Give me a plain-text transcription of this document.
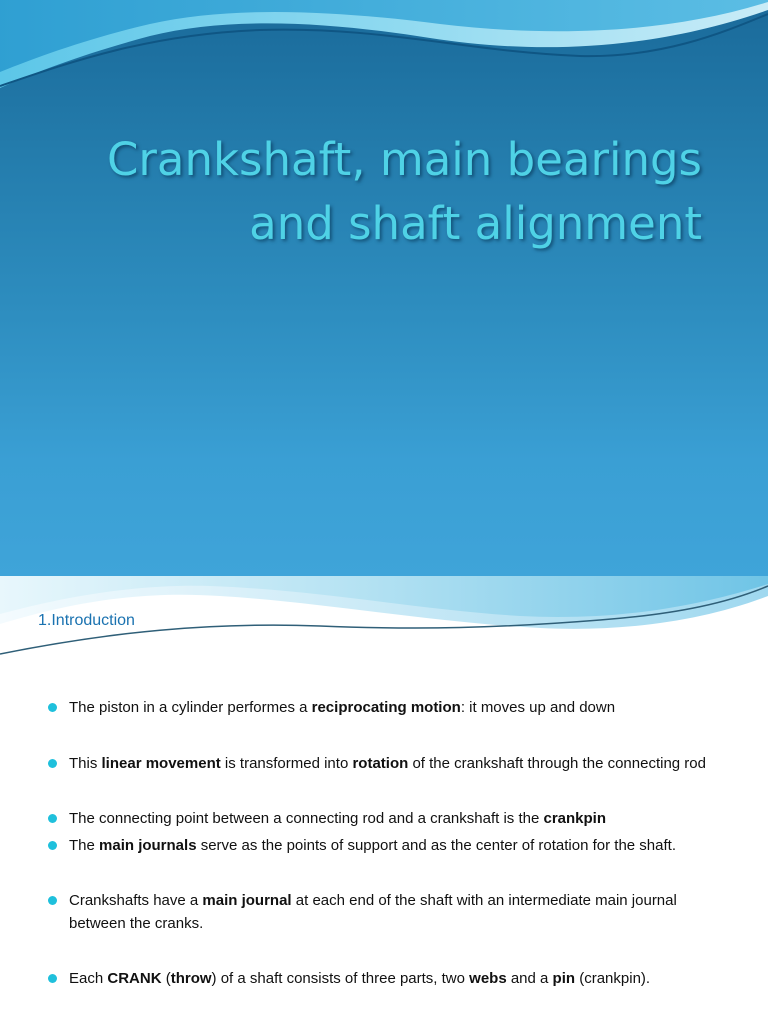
Crankshaft, main bearings
and shaft alignment
1.Introduction
The piston in a cylinder performes a reciprocating motion: it moves up and down
This linear movement is transformed into rotation of the crankshaft through the connecting rod
The connecting point between a connecting rod and a crankshaft is the crankpin
The main journals serve as the points of support and as the center of rotation for the shaft.
Crankshafts have a main journal at each end of the shaft with an intermediate main journal between the cranks.
Each CRANK (throw) of a shaft consists of three parts, two webs and a pin (crankpin).
